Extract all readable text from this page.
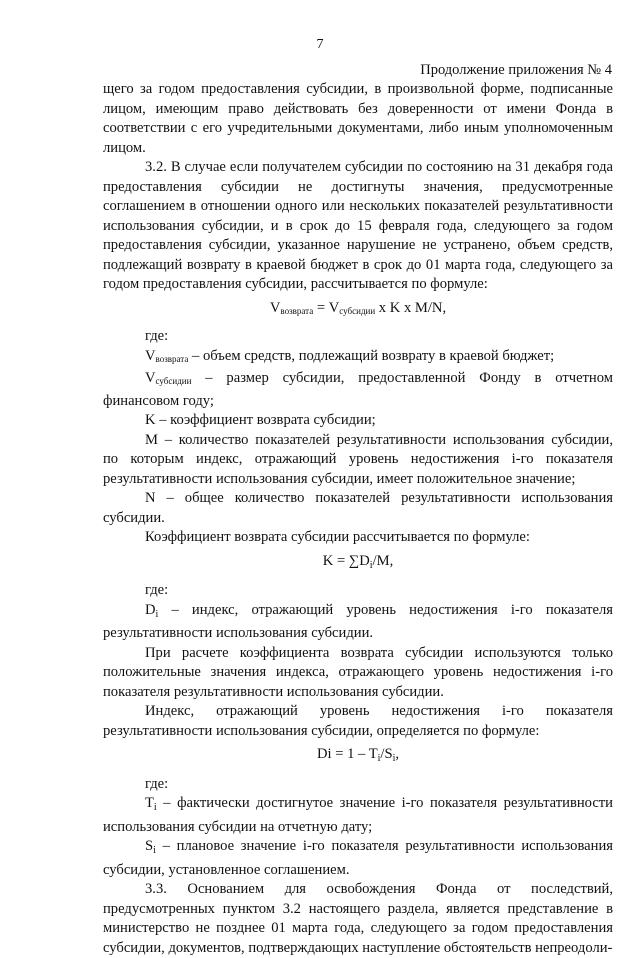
7
Продолжение приложения № 4

щего за годом предоставления субсидии, в произвольной форме, подписанные лицом, имеющим право действовать без доверенности от имени Фонда в соответствии с его учредительными документами, либо иным уполномоченным лицом.

3.2. В случае если получателем субсидии по состоянию на 31 декабря года предоставления субсидии не достигнуты значения, предусмотренные соглашением в отношении одного или нескольких показателей результативности использования субсидии, и в срок до 15 февраля года, следующего за годом предоставления субсидии, указанное нарушение не устранено, объем средств, подлежащий возврату в краевой бюджет в срок до 01 марта года, следующего за годом предоставления субсидии, рассчитывается по формуле:

$V_{возврата} = V_{субсидии}$ x K x M/N,

где:

$V_{возврата}$ – объем средств, подлежащий возврату в краевой бюджет;

$V_{субсидии}$ – размер субсидии, предоставленной Фонду в отчетном финансовом году;

K – коэффициент возврата субсидии;

M – количество показателей результативности использования субсидии, по которым индекс, отражающий уровень недостижения i-го показателя результативности использования субсидии, имеет положительное значение;

N – общее количество показателей результативности использования субсидии.

Коэффициент возврата субсидии рассчитывается по формуле:

$K = \sum D_i/M$,

где:

$D_i$ – индекс, отражающий уровень недостижения i-го показателя результативности использования субсидии.

При расчете коэффициента возврата субсидии используются только положительные значения индекса, отражающего уровень недостижения i-го показателя результативности использования субсидии.

Индекс, отражающий уровень недостижения i-го показателя результативности использования субсидии, определяется по формуле:

$Di = 1 - T_i/S_i$,

где:

$T_i$ – фактически достигнутое значение i-го показателя результативности использования субсидии на отчетную дату;

$S_i$ – плановое значение i-го показателя результативности использования субсидии, установленное соглашением.

3.3. Основанием для освобождения Фонда от последствий, предусмотренных пунктом 3.2 настоящего раздела, является представление в министерство не позднее 01 марта года, следующего за годом предоставления субсидии, документов, подтверждающих наступление обстоятельств непреодоли-
